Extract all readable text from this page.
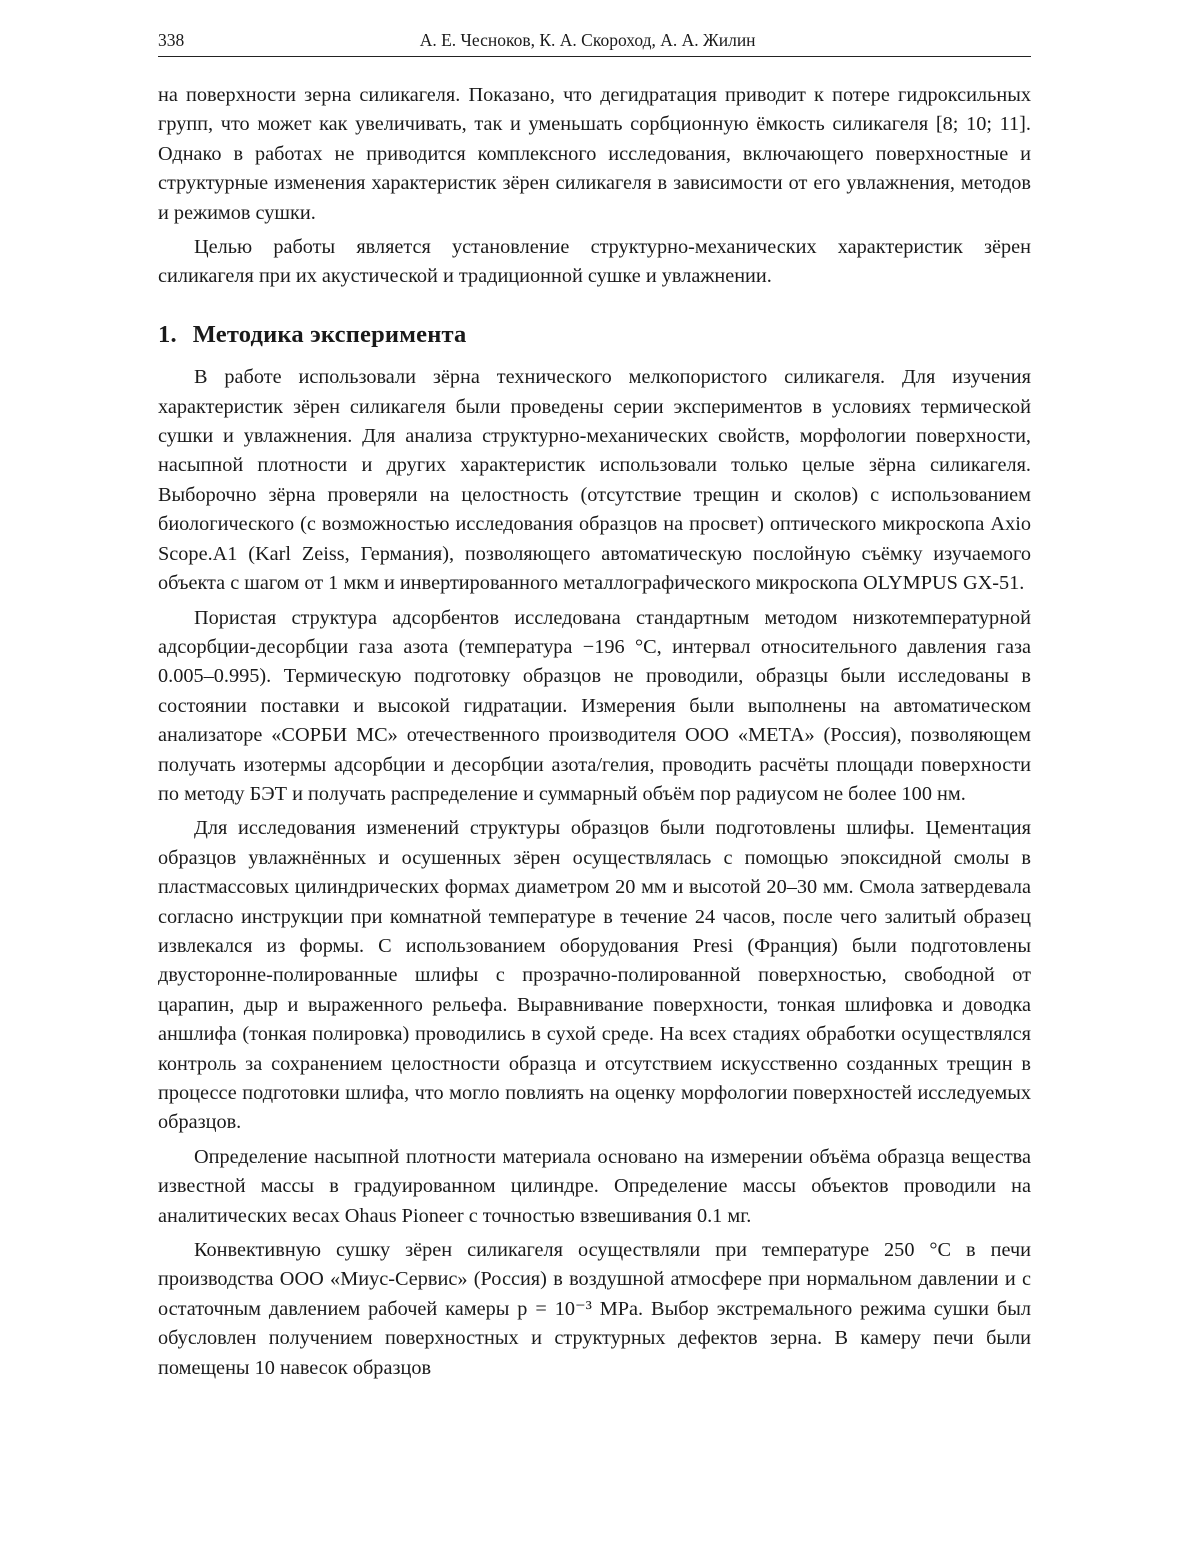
338	А. Е. Чесноков, К. А. Скороход, А. А. Жилин

на поверхности зерна силикагеля. Показано, что дегидратация приводит к потере гидроксильных групп, что может как увеличивать, так и уменьшать сорбционную ёмкость силикагеля [8; 10; 11]. Однако в работах не приводится комплексного исследования, включающего поверхностные и структурные изменения характеристик зёрен силикагеля в зависимости от его увлажнения, методов и режимов сушки.

Целью работы является установление структурно-механических характеристик зёрен силикагеля при их акустической и традиционной сушке и увлажнении.

1. Методика эксперимента

В работе использовали зёрна технического мелкопористого силикагеля. Для изучения характеристик зёрен силикагеля были проведены серии экспериментов в условиях термической сушки и увлажнения. Для анализа структурно-механических свойств, морфологии поверхности, насыпной плотности и других характеристик использовали только целые зёрна силикагеля. Выборочно зёрна проверяли на целостность (отсутствие трещин и сколов) с использованием биологического (с возможностью исследования образцов на просвет) оптического микроскопа Axio Scope.A1 (Karl Zeiss, Германия), позволяющего автоматическую послойную съёмку изучаемого объекта с шагом от 1 мкм и инвертированного металлографического микроскопа OLYMPUS GX-51.

Пористая структура адсорбентов исследована стандартным методом низкотемпературной адсорбции-десорбции газа азота (температура −196 °C, интервал относительного давления газа 0.005–0.995). Термическую подготовку образцов не проводили, образцы были исследованы в состоянии поставки и высокой гидратации. Измерения были выполнены на автоматическом анализаторе «СОРБИ МС» отечественного производителя ООО «МЕТА» (Россия), позволяющем получать изотермы адсорбции и десорбции азота/гелия, проводить расчёты площади поверхности по методу БЭТ и получать распределение и суммарный объём пор радиусом не более 100 нм.

Для исследования изменений структуры образцов были подготовлены шлифы. Цементация образцов увлажнённых и осушенных зёрен осуществлялась с помощью эпоксидной смолы в пластмассовых цилиндрических формах диаметром 20 мм и высотой 20–30 мм. Смола затвердевала согласно инструкции при комнатной температуре в течение 24 часов, после чего залитый образец извлекался из формы. С использованием оборудования Presi (Франция) были подготовлены двусторонне-полированные шлифы с прозрачно-полированной поверхностью, свободной от царапин, дыр и выраженного рельефа. Выравнивание поверхности, тонкая шлифовка и доводка аншлифа (тонкая полировка) проводились в сухой среде. На всех стадиях обработки осуществлялся контроль за сохранением целостности образца и отсутствием искусственно созданных трещин в процессе подготовки шлифа, что могло повлиять на оценку морфологии поверхностей исследуемых образцов.

Определение насыпной плотности материала основано на измерении объёма образца вещества известной массы в градуированном цилиндре. Определение массы объектов проводили на аналитических весах Ohaus Pioneer с точностью взвешивания 0.1 мг.

Конвективную сушку зёрен силикагеля осуществляли при температуре 250 °C в печи производства ООО «Миус-Сервис» (Россия) в воздушной атмосфере при нормальном давлении и с остаточным давлением рабочей камеры p = 10⁻³ MPa. Выбор экстремального режима сушки был обусловлен получением поверхностных и структурных дефектов зерна. В камеру печи были помещены 10 навесок образцов
